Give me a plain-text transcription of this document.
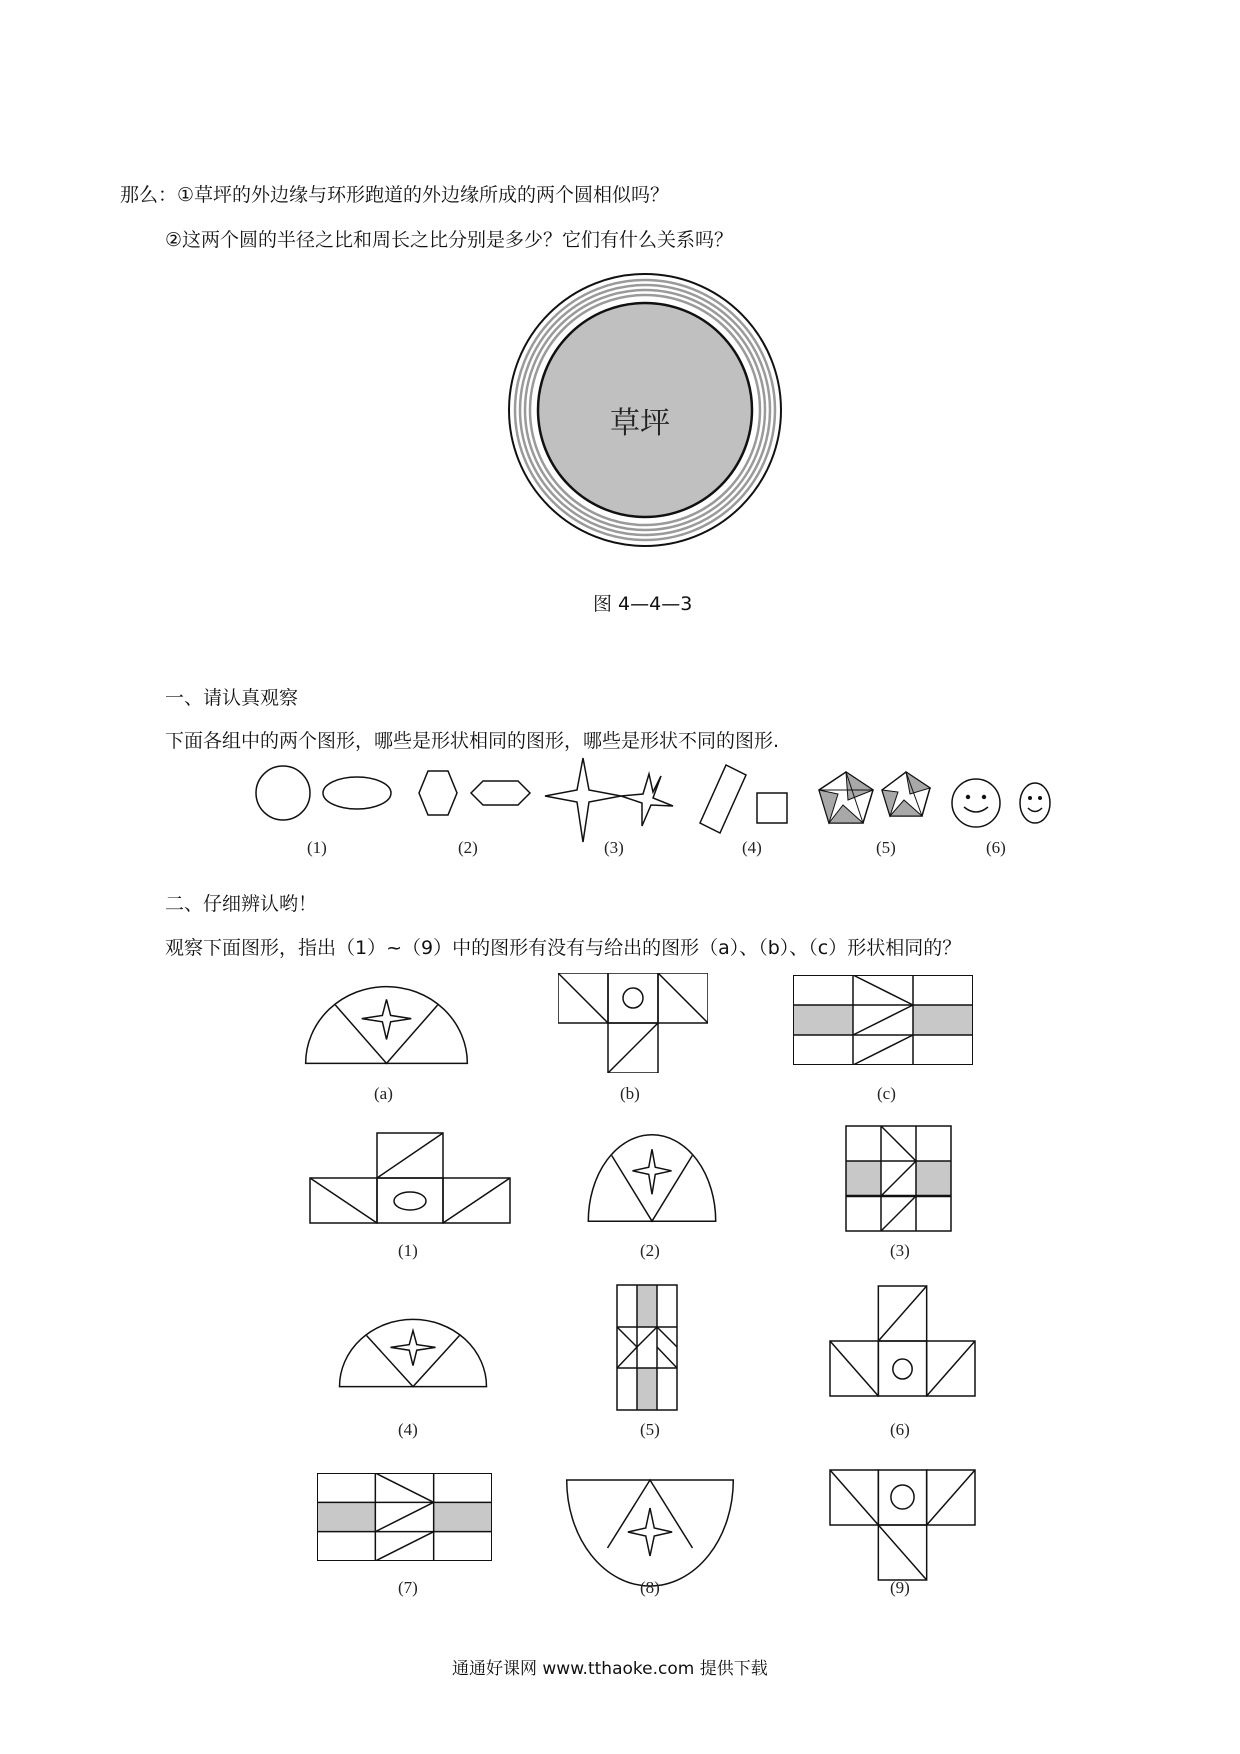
那么：①草坪的外边缘与环形跑道的外边缘所成的两个圆相似吗？
②这两个圆的半径之比和周长之比分别是多少？它们有什么关系吗？
草坪
图 4—4—3
一、请认真观察
下面各组中的两个图形，哪些是形状相同的图形，哪些是形状不同的图形.
(1)	(2)	(3)	(4)	(5)	(6)
二、仔细辨认哟！
观察下面图形，指出（1）~（9）中的图形有没有与给出的图形（a）、（b）、（c）形状相同的？
(a)	(b)	(c)
(1)	(2)	(3)
(4)	(5)	(6)
(7)	(8)	(9)
通通好课网 www.tthaoke.com 提供下载
